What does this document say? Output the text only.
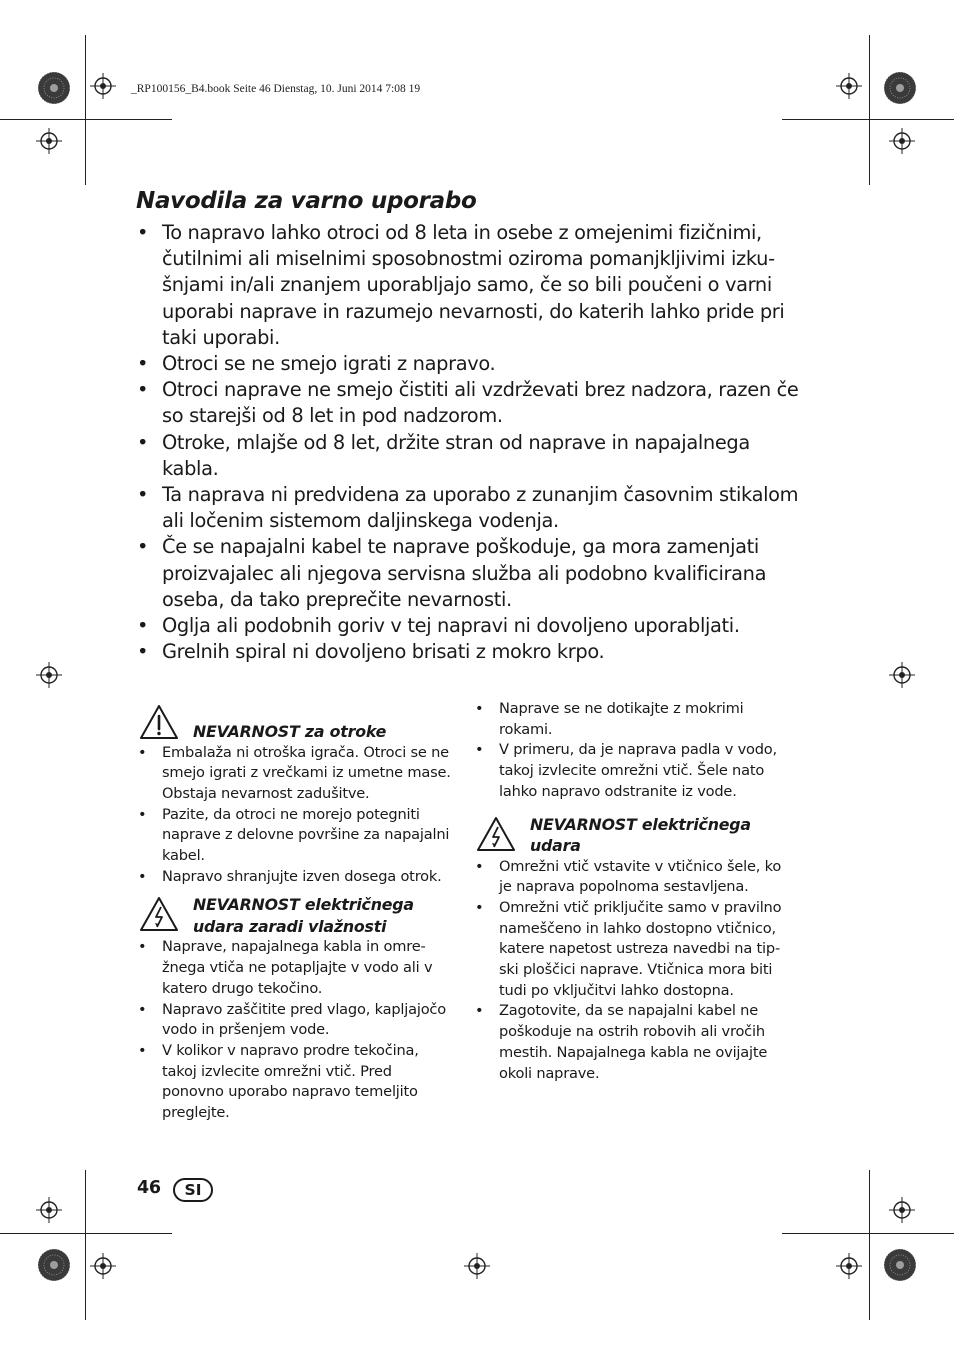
_RP100156_B4.book Seite 46 Dienstag, 10. Juni 2014 7:08 19
Navodila za varno uporabo
• To napravo lahko otroci od 8 leta in osebe z omejenimi fizičnimi, čutilnimi ali miselnimi sposobnostmi oziroma pomanjkljivimi izkušnjami in/ali znanjem uporabljajo samo, če so bili poučeni o varni uporabi naprave in razumejo nevarnosti, do katerih lahko pride pri taki uporabi.
• Otroci se ne smejo igrati z napravo.
• Otroci naprave ne smejo čistiti ali vzdrževati brez nadzora, razen če so starejši od 8 let in pod nadzorom.
• Otroke, mlajše od 8 let, držite stran od naprave in napajalnega kabla.
• Ta naprava ni predvidena za uporabo z zunanjim časovnim stikalom ali ločenim sistemom daljinskega vodenja.
• Če se napajalni kabel te naprave poškoduje, ga mora zamenjati proizvajalec ali njegova servisna služba ali podobno kvalificirana oseba, da tako preprečite nevarnosti.
• Oglja ali podobnih goriv v tej napravi ni dovoljeno uporabljati.
• Grelnih spiral ni dovoljeno brisati z mokro krpo.
NEVARNOST za otroke
• Embalaža ni otroška igrača. Otroci se ne smejo igrati z vrečkami iz umetne mase. Obstaja nevarnost zadušitve.
• Pazite, da otroci ne morejo potegniti naprave z delovne površine za napajalni kabel.
• Napravo shranjujte izven dosega otrok.
NEVARNOST električnega udara zaradi vlažnosti
• Naprave, napajalnega kabla in omrežnega vtiča ne potapljajte v vodo ali v katero drugo tekočino.
• Napravo zaščitite pred vlago, kapljajočo vodo in pršenjem vode.
• V kolikor v napravo prodre tekočina, takoj izvlecite omrežni vtič. Pred ponovno uporabo napravo temeljito preglejte.
• Naprave se ne dotikajte z mokrimi rokami.
• V primeru, da je naprava padla v vodo, takoj izvlecite omrežni vtič. Šele nato lahko napravo odstranite iz vode.
NEVARNOST električnega udara
• Omrežni vtič vstavite v vtičnico šele, ko je naprava popolnoma sestavljena.
• Omrežni vtič priključite samo v pravilno nameščeno in lahko dostopno vtičnico, katere napetost ustreza navedbi na tipski ploščici naprave. Vtičnica mora biti tudi po vključitvi lahko dostopna.
• Zagotovite, da se napajalni kabel ne poškoduje na ostrih robovih ali vročih mestih. Napajalnega kabla ne ovijajte okoli naprave.
46	SI
